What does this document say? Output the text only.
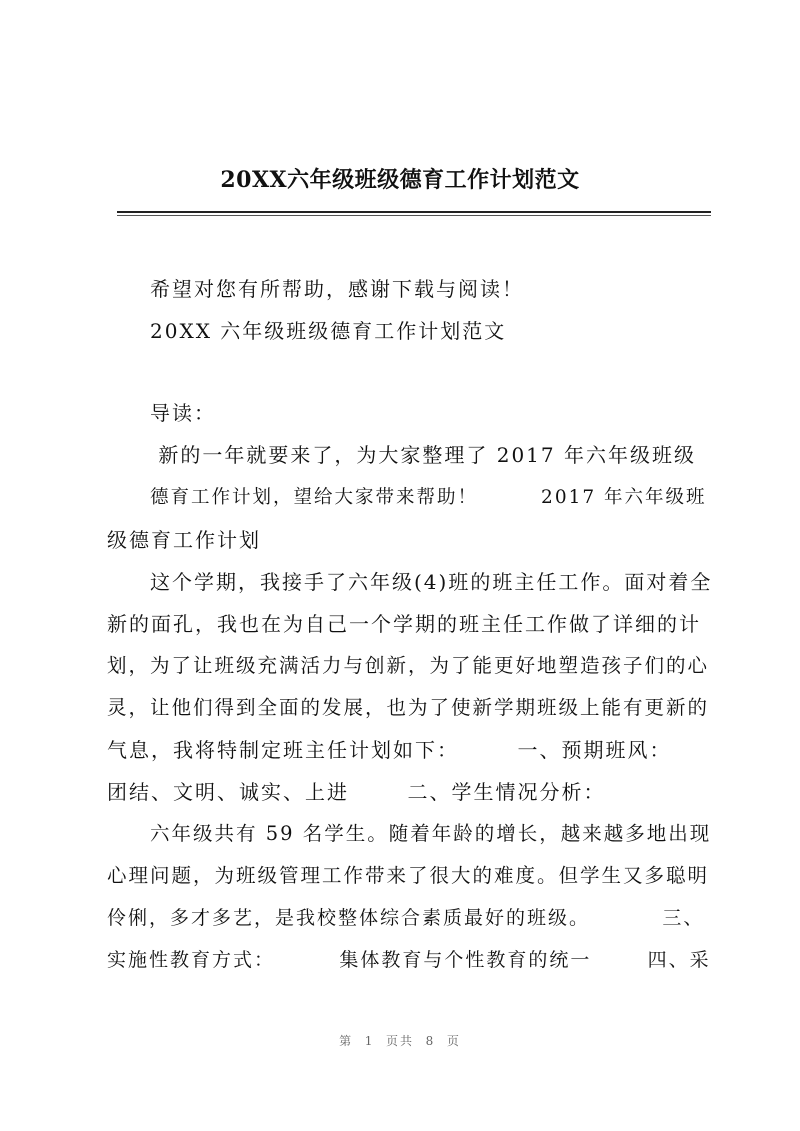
20XX六年级班级德育工作计划范文
希望对您有所帮助，感谢下载与阅读！
20XX 六年级班级德育工作计划范文
导读：
新的一年就要来了，为大家整理了 2017 年六年级班级
德育工作计划，望给大家带来帮助！        2017 年六年级班
级德育工作计划
这个学期，我接手了六年级(4)班的班主任工作。面对着全
新的面孔，我也在为自己一个学期的班主任工作做了详细的计
划，为了让班级充满活力与创新，为了能更好地塑造孩子们的心
灵，让他们得到全面的发展，也为了使新学期班级上能有更新的
气息，我将特制定班主任计划如下：       一、预期班风：
团结、文明、诚实、上进       二、学生情况分析：
六年级共有 59 名学生。随着年龄的增长，越来越多地出现
心理问题，为班级管理工作带来了很大的难度。但学生又多聪明
伶俐，多才多艺，是我校整体综合素质最好的班级。         三、
实施性教育方式：        集体教育与个性教育的统一       四、采
第  1  页共  8  页
